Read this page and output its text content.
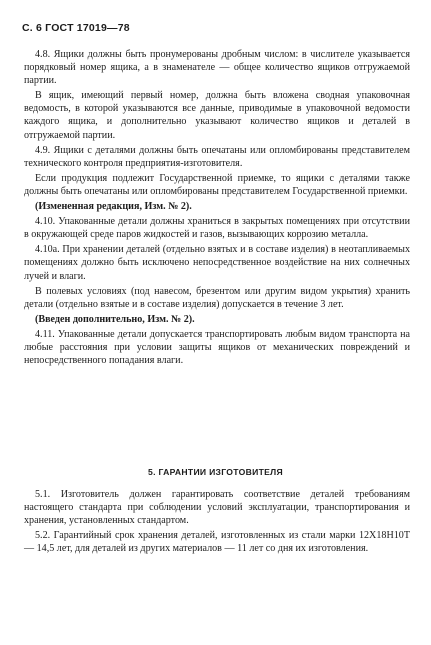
С. 6 ГОСТ 17019—78

4.8. Ящики должны быть пронумерованы дробным числом: в числителе указывается порядковый номер ящика, а в знаменателе — общее количество ящиков отгружаемой партии.

В ящик, имеющий первый номер, должна быть вложена сводная упаковочная ведомость, в которой указываются все данные, приводимые в упаковочной ведомости каждого ящика, и дополнительно указывают количество ящиков и деталей в отгружаемой партии.

4.9. Ящики с деталями должны быть опечатаны или опломбированы представителем технического контроля предприятия-изготовителя.

Если продукция подлежит Государственной приемке, то ящики с деталями также должны быть опечатаны или опломбированы представителем Государственной приемки.

(Измененная редакция, Изм. № 2).

4.10. Упакованные детали должны храниться в закрытых помещениях при отсутствии в окружающей среде паров жидкостей и газов, вызывающих коррозию металла.

4.10а. При хранении деталей (отдельно взятых и в составе изделия) в неотапливаемых помещениях должно быть исключено непосредственное воздействие на них солнечных лучей и влаги.

В полевых условиях (под навесом, брезентом или другим видом укрытия) хранить детали (отдельно взятые и в составе изделия) допускается в течение 3 лет.

(Введен дополнительно, Изм. № 2).

4.11. Упакованные детали допускается транспортировать любым видом транспорта на любые расстояния при условии защиты ящиков от механических повреждений и непосредственного попадания влаги.

5. ГАРАНТИИ ИЗГОТОВИТЕЛЯ

5.1. Изготовитель должен гарантировать соответствие деталей требованиям настоящего стандарта при соблюдении условий эксплуатации, транспортирования и хранения, установленных стандартом.

5.2. Гарантийный срок хранения деталей, изготовленных из стали марки 12Х18Н10Т — 14,5 лет, для деталей из других материалов — 11 лет со дня их изготовления.
